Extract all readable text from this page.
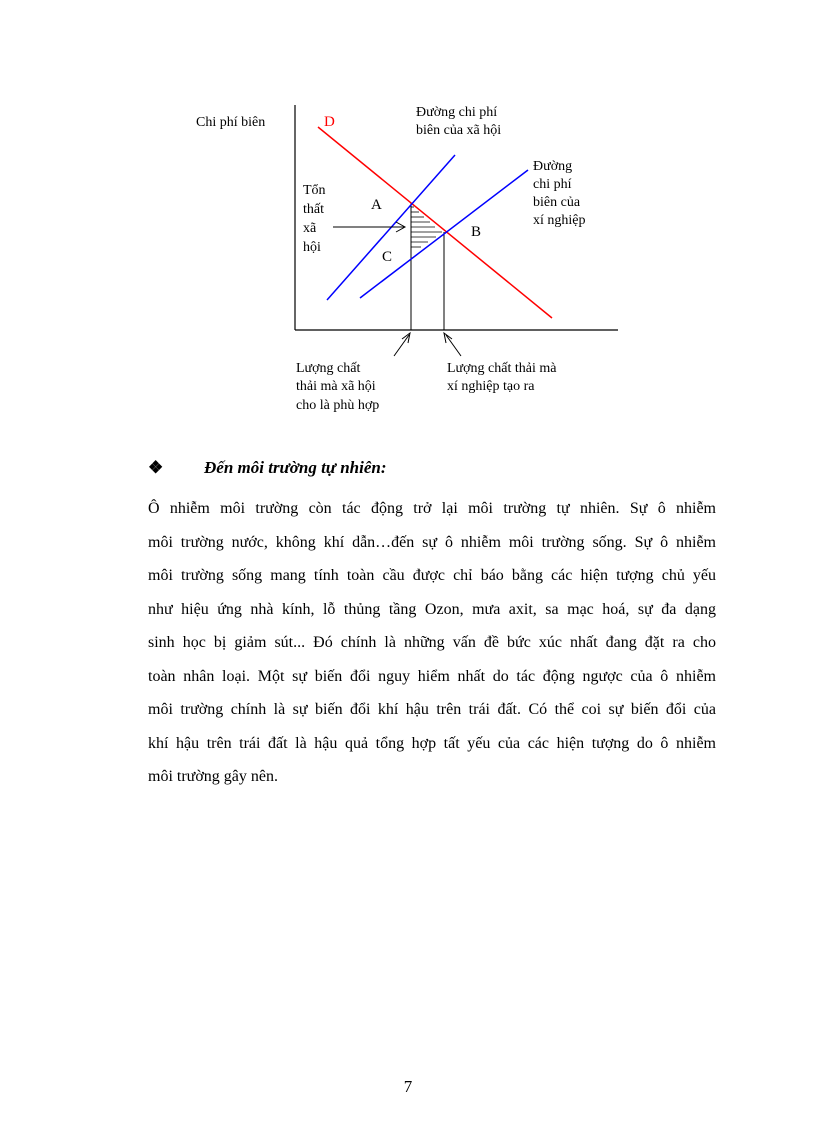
Chi phí biên	D
Đường chi phí
biên của xã hội
Đường
chi phí
biên của
xí nghiệp
Tổn
thất
xã
hội
A
B
C
Lượng chất
thải mà xã hội
cho là phù hợp
Lượng chất thải mà
xí nghiệp tạo ra
❖	Đến môi trường tự nhiên:
Ô nhiễm môi trường còn tác động trở lại môi trường tự nhiên. Sự ô nhiễm
môi trường nước, không khí dẫn…đến sự ô nhiễm môi trường sống. Sự ô nhiễm
môi trường sống mang tính toàn cầu được chỉ báo bằng các hiện tượng chủ yếu
như hiệu ứng nhà kính, lỗ thủng tầng Ozon, mưa axit, sa mạc hoá, sự đa dạng
sinh học bị giảm sút... Đó chính là những vấn đề bức xúc nhất đang đặt ra cho
toàn nhân loại. Một sự biến đổi nguy hiểm nhất do tác động ngược của ô nhiễm
môi trường chính là sự biến đổi khí hậu trên trái đất. Có thể coi sự biến đổi của
khí hậu trên trái đất là hậu quả tổng hợp tất yếu của các hiện tượng do ô nhiễm
môi trường gây nên.
7
